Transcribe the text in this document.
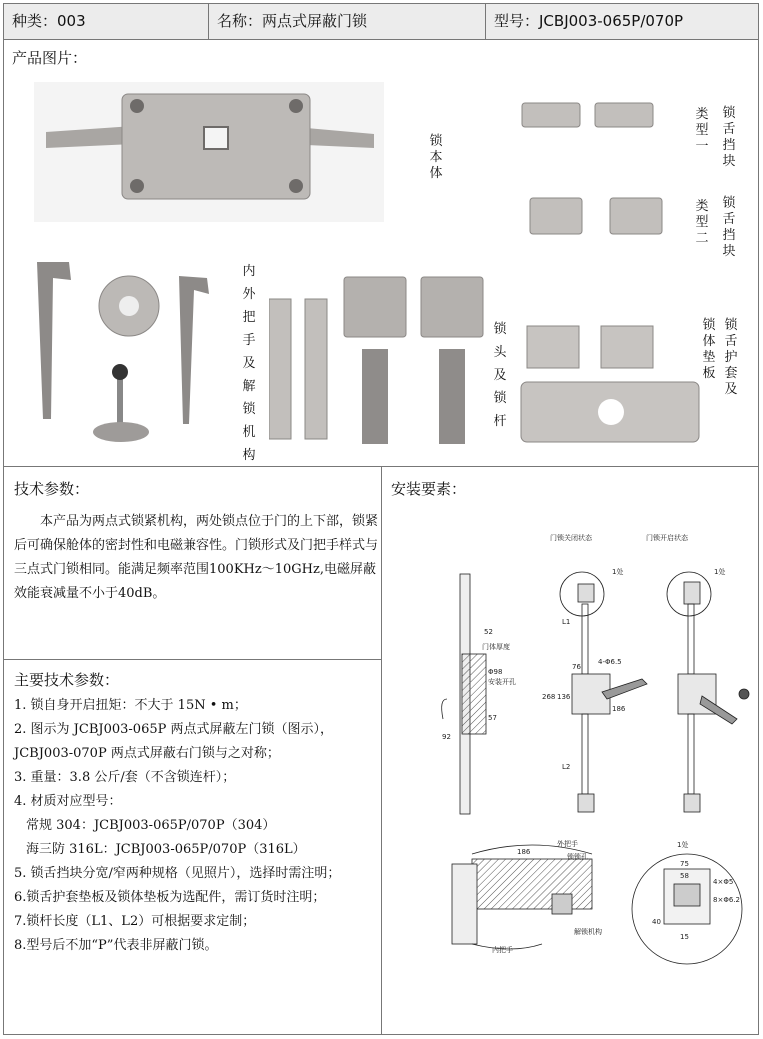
种类：003	名称：两点式屏蔽门锁	型号：JCBJ003-065P/070P
产品图片：
锁本体
类型一
锁舌挡块
类型二
锁舌挡块
锁体垫板
锁舌护套及
内外把手及解锁机构
锁头及锁杆
技术参数：
本产品为两点式锁紧机构，两处锁点位于门的上下部，锁紧后可确保舱体的密封性和电磁兼容性。门锁形式及门把手样式与三点式门锁相同。能满足频率范围100KHz～10GHz,电磁屏蔽效能衰减量不小于40dB。
安装要素：
主要技术参数：
1. 锁自身开启扭矩：不大于 15N • m；
2. 图示为 JCBJ003-065P 两点式屏蔽左门锁（图示），
JCBJ003-070P 两点式屏蔽右门锁与之对称；
3. 重量：3.8 公斤/套（不含锁连杆）；
4. 材质对应型号：
常规 304：JCBJ003-065P/070P（304）
海三防 316L：JCBJ003-065P/070P（316L）
5. 锁舌挡块分宽/窄两种规格（见照片），选择时需注明；
6.锁舌护套垫板及锁体垫板为选配件，需订货时注明；
7.锁杆长度（L1、L2）可根据要求定制；
8.型号后不加“P”代表非屏蔽门锁。
门锁关闭状态	门锁开启状态
52
门体厚度
Φ98
安装开孔
57
92
L1
L2
268 136
76
4-Φ6.5
186
1处	1处
外把手
锁锁孔
内把手
解锁机构
186
1处
75
58
4×Φ5
8×Φ6.2
40
15
